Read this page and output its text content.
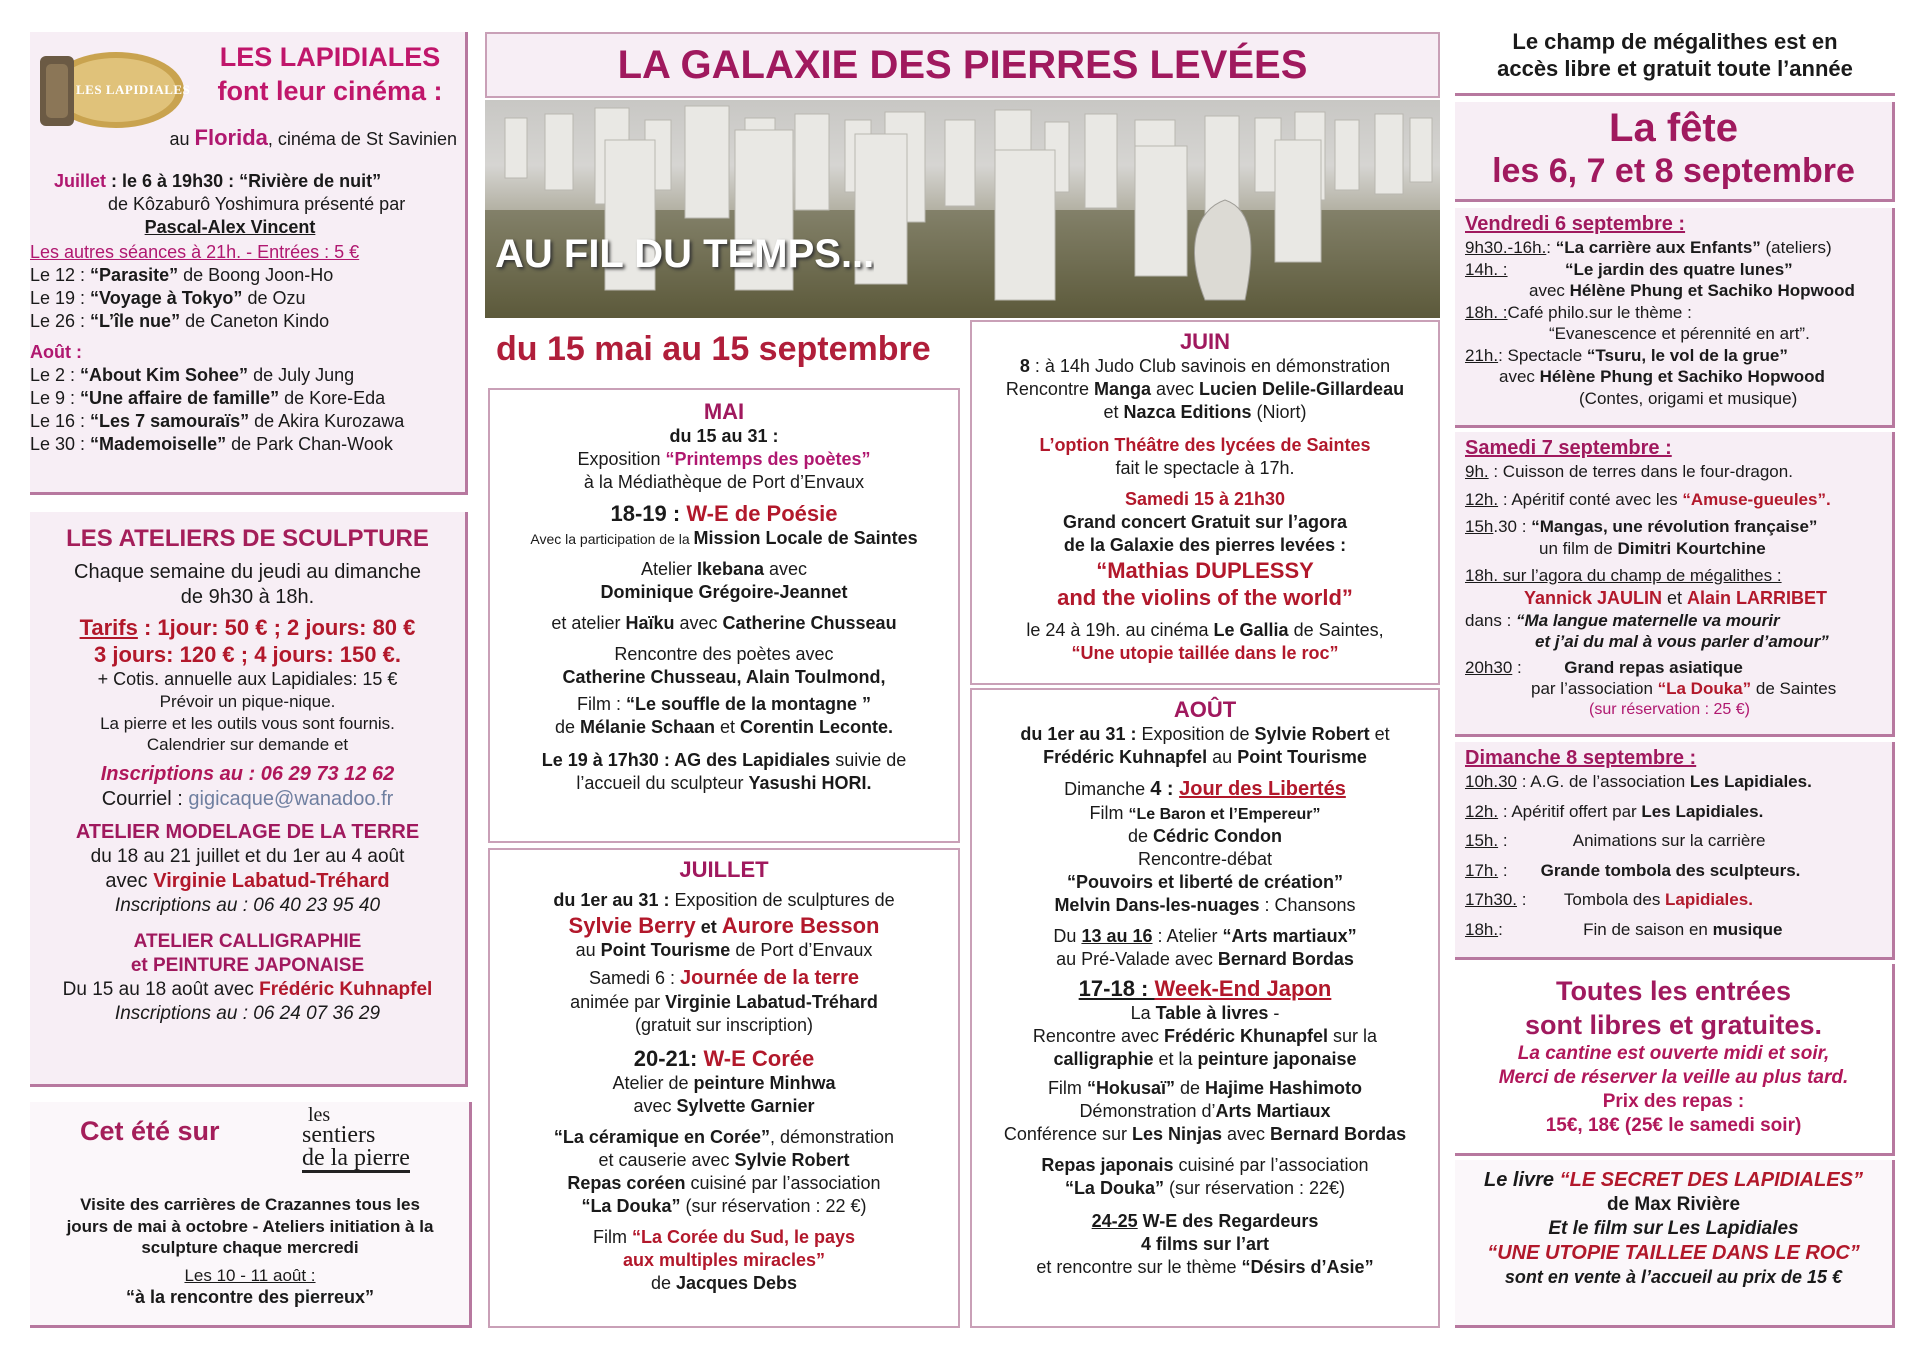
LES LAPIDIALES
LES LAPIDIALES
font leur cinéma :
au Florida, cinéma de St Savinien
Juillet : le 6 à 19h30 : “Rivière de nuit”
de Kôzaburô Yoshimura présenté par
Pascal-Alex Vincent
Les autres séances à 21h. - Entrées : 5 €
Le 12 : “Parasite” de Boong Joon-Ho
Le 19 : “Voyage à Tokyo” de Ozu
Le 26 : “L’île nue” de Caneton Kindo
Août :
Le 2 : “About Kim Sohee” de July Jung
Le 9 : “Une affaire de famille” de Kore-Eda
Le 16 : “Les 7 samouraïs” de Akira Kurozawa
Le 30 : “Mademoiselle” de Park Chan-Wook
LES ATELIERS DE SCULPTURE
Chaque semaine du jeudi au dimanche
de 9h30 à 18h.
Tarifs : 1jour: 50 € ; 2 jours: 80 €
3 jours: 120 € ; 4 jours: 150 €.
+ Cotis. annuelle aux Lapidiales: 15 €
Prévoir un pique-nique.
La pierre et les outils vous sont fournis.
Calendrier sur demande et
Inscriptions au : 06 29 73 12 62
Courriel : gigicaque@wanadoo.fr
ATELIER MODELAGE DE LA TERRE
du 18 au 21 juillet et du 1er au 4 août
avec Virginie Labatud-Tréhard
Inscriptions au : 06 40 23 95 40
ATELIER CALLIGRAPHIE
et PEINTURE JAPONAISE
Du 15 au 18 août avec Frédéric Kuhnapfel
Inscriptions au : 06 24 07 36 29
Cet été sur
les
sentiers
de la pierre
Visite des carrières de Crazannes tous les
jours de mai à octobre - Ateliers initiation à la
sculpture chaque mercredi
Les 10 - 11 août :
“à la rencontre des pierreux”
LA GALAXIE DES PIERRES LEVÉES
AU FIL DU TEMPS...
du 15 mai au 15 septembre
MAI
du 15 au 31 :
Exposition “Printemps des poètes”
à la Médiathèque de Port d’Envaux
18-19 : W-E de Poésie
Avec la participation de la Mission Locale de Saintes
Atelier Ikebana avec
Dominique Grégoire-Jeannet
et atelier Haïku avec Catherine Chusseau
Rencontre des poètes avec
Catherine Chusseau, Alain Toulmond,
Film : “Le souffle de la montagne ”
de Mélanie Schaan et Corentin Leconte.
Le 19 à 17h30 : AG des Lapidiales suivie de
l’accueil du sculpteur Yasushi HORI.
JUILLET
du 1er au 31 : Exposition de sculptures de
Sylvie Berry et Aurore Besson
au Point Tourisme de Port d’Envaux
Samedi 6 : Journée de la terre
animée par Virginie Labatud-Tréhard
(gratuit sur inscription)
20-21: W-E Corée
Atelier de peinture Minhwa
avec Sylvette Garnier
“La céramique en Corée”, démonstration
et causerie avec Sylvie Robert
Repas coréen cuisiné par l’association
“La Douka” (sur réservation : 22 €)
Film “La Corée du Sud, le pays
aux multiples miracles”
de Jacques Debs
JUIN
8 : à 14h Judo Club savinois en démonstration
Rencontre Manga avec Lucien Delile-Gillardeau
et Nazca Editions (Niort)
L’option Théâtre des lycées de Saintes
fait le spectacle à 17h.
Samedi 15 à 21h30
Grand concert Gratuit sur l’agora
de la Galaxie des pierres levées :
“Mathias DUPLESSY
and the violins of the world”
le 24 à 19h. au cinéma Le Gallia de Saintes,
“Une utopie taillée dans le roc”
AOÛT
du 1er au 31 : Exposition de Sylvie Robert et
Frédéric Kuhnapfel au Point Tourisme
Dimanche 4 : Jour des Libertés
Film “Le Baron et l’Empereur”
de Cédric Condon
Rencontre-débat
“Pouvoirs et liberté de création”
Melvin Dans-les-nuages : Chansons
Du 13 au 16 : Atelier “Arts martiaux”
au Pré-Valade avec Bernard Bordas
17-18 : Week-End Japon
La Table à livres -
Rencontre avec Frédéric Khunapfel sur la
calligraphie et la peinture japonaise
Film “Hokusaï” de Hajime Hashimoto
Démonstration d’Arts Martiaux
Conférence sur Les Ninjas avec Bernard Bordas
Repas japonais cuisiné par l’association
“La Douka” (sur réservation : 22€)
24-25 W-E des Regardeurs
4 films sur l’art
et rencontre sur le thème “Désirs d’Asie”
Le champ de mégalithes est en
accès libre et gratuit toute l’année
La fête
les 6, 7 et 8 septembre
Vendredi 6 septembre :
9h30.-16h. : “La carrière aux Enfants” (ateliers)
14h. :	“Le jardin des quatre lunes”
avec Hélène Phung et Sachiko Hopwood
18h. : Café philo.sur le thème :
“Evanescence et pérennité en art”.
21h. : Spectacle “Tsuru, le vol de la grue”
avec Hélène Phung et Sachiko Hopwood
(Contes, origami et musique)
Samedi 7 septembre :
9h. : Cuisson de terres dans le four-dragon.
12h. : Apéritif conté avec les “Amuse-gueules”.
15h.30 : “Mangas, une révolution française”
un film de Dimitri Kourtchine
18h. sur l’agora du champ de mégalithes :
Yannick JAULIN et Alain LARRIBET
dans : “Ma langue maternelle va mourir
et j’ai du mal à vous parler d’amour”
20h30 :         Grand repas asiatique
par l’association “La Douka” de Saintes
(sur réservation : 25 €)
Dimanche 8 septembre :
10h.30 : A.G. de l’association Les Lapidiales.
12h. : Apéritif offert par Les Lapidiales.
15h. :              Animations sur la carrière
17h. :       Grande tombola des sculpteurs.
17h30. :        Tombola des Lapidiales.
18h.:                 Fin de saison en musique
Toutes les entrées
sont libres et gratuites.
La cantine est ouverte midi et soir,
Merci de réserver la veille au plus tard.
Prix des repas :
15€, 18€ (25€ le samedi soir)
Le livre “LE SECRET DES LAPIDIALES”
de Max Rivière
Et le film sur Les Lapidiales
“UNE UTOPIE TAILLEE DANS LE ROC”
sont en vente à l’accueil au prix de 15 €
